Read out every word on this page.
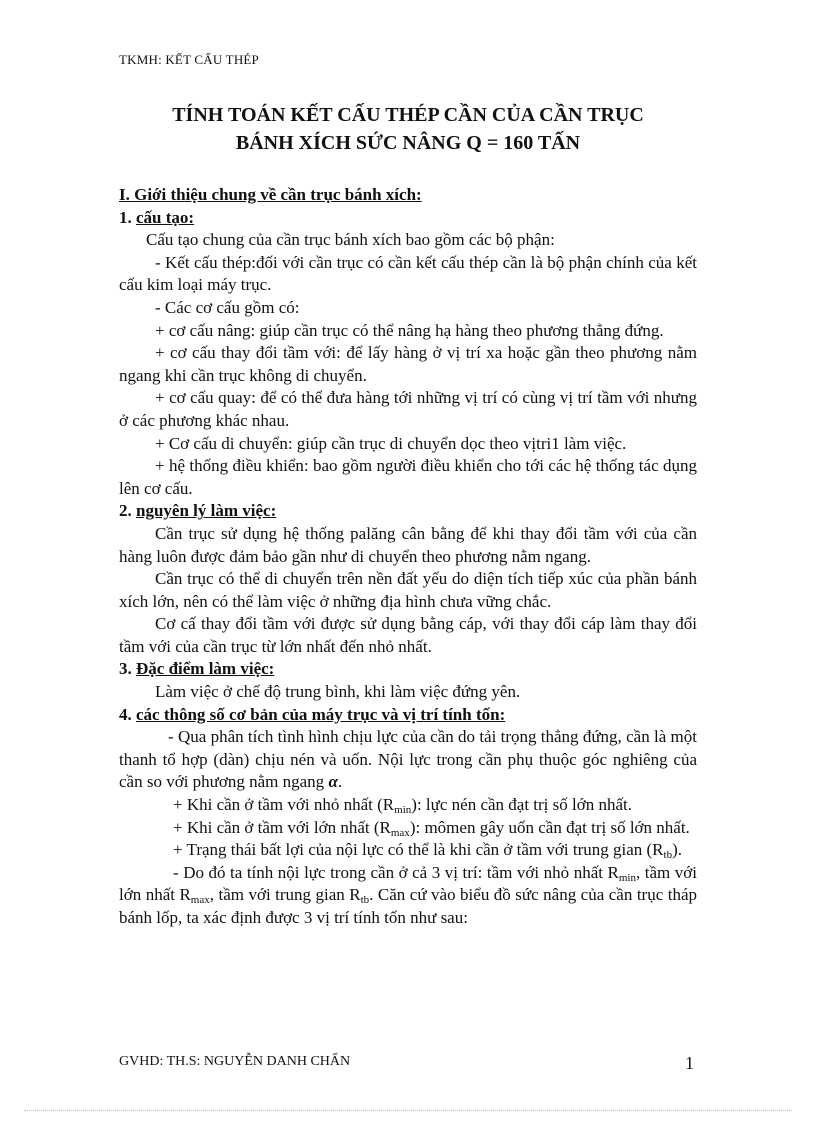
TKMH: KẾT CẤU THÉP
TÍNH TOÁN KẾT CẤU THÉP CẦN CỦA CẦN TRỤC
BÁNH XÍCH SỨC NÂNG Q = 160 TẤN

I. Giới thiệu chung về cần trục bánh xích:

1. cấu tạo:

Cấu tạo chung của cần trục bánh xích bao gồm các bộ phận:

- Kết cấu thép:đối với cần trục có cần kết cấu thép cần là bộ phận chính của kết cấu kim loại máy trục.

- Các cơ cấu gồm có:

+ cơ cấu nâng: giúp cần trục có thể nâng hạ hàng theo phương thẳng đứng.

+ cơ cấu thay đổi tầm với: để lấy hàng ở vị trí xa hoặc gần theo phương nằm ngang khi cần trục không di chuyển.

+ cơ cấu quay: để có thể đưa hàng tới những vị trí có cùng vị trí tầm với nhưng ở các phương khác nhau.

+ Cơ cấu di chuyển: giúp cần trục di chuyển dọc theo vịtri1 làm việc.

+ hệ thống điều khiển: bao gồm người điều khiển cho tới các hệ thống tác dụng lên cơ cấu.

2. nguyên lý làm việc:

Cần trục sử dụng hệ thống palăng cân bằng để khi thay đổi tầm với của cần hàng luôn được đảm bảo gần như di chuyển theo phương nằm ngang.

Cần trục có thể di chuyển trên nền đất yếu do diện tích tiếp xúc của phần bánh xích lớn, nên có thể làm việc ở những địa hình chưa vững chắc.

Cơ cấ thay đổi tầm với được sử dụng bằng cáp, với thay đổi cáp làm thay đổi tầm với của cần trục từ lớn nhất đến nhỏ nhất.

3. Đặc điểm làm việc:

Làm việc ở chế độ trung bình, khi làm việc đứng yên.

4. các thông số cơ bản của máy trục và vị trí tính tốn:

- Qua phân tích tình hình chịu lực của cần do tải trọng thẳng đứng, cần là một thanh tổ hợp (dàn) chịu nén và uốn. Nội lực trong cần phụ thuộc góc nghiêng của cần so với phương nằm ngang α.

+ Khi cần ở tầm với nhỏ nhất $(R_{min})$: lực nén cần đạt trị số lớn nhất.

+ Khi cần ở tầm với lớn nhất $(R_{max})$: mômen gây uốn cần đạt trị số lớn nhất.

+ Trạng thái bất lợi của nội lực có thể là khi cần ở tầm với trung gian $(R_{tb})$.

- Do đó ta tính nội lực trong cần ở cả 3 vị trí: tầm với nhỏ nhất $R_{min}$, tầm với lớn nhất $R_{max}$, tầm với trung gian $R_{tb}$. Căn cứ vào biểu đồ sức nâng của cần trục tháp bánh lốp, ta xác định được 3 vị trí tính tốn như sau:

GVHD: TH.S: NGUYỄN DANH CHẤN	1
